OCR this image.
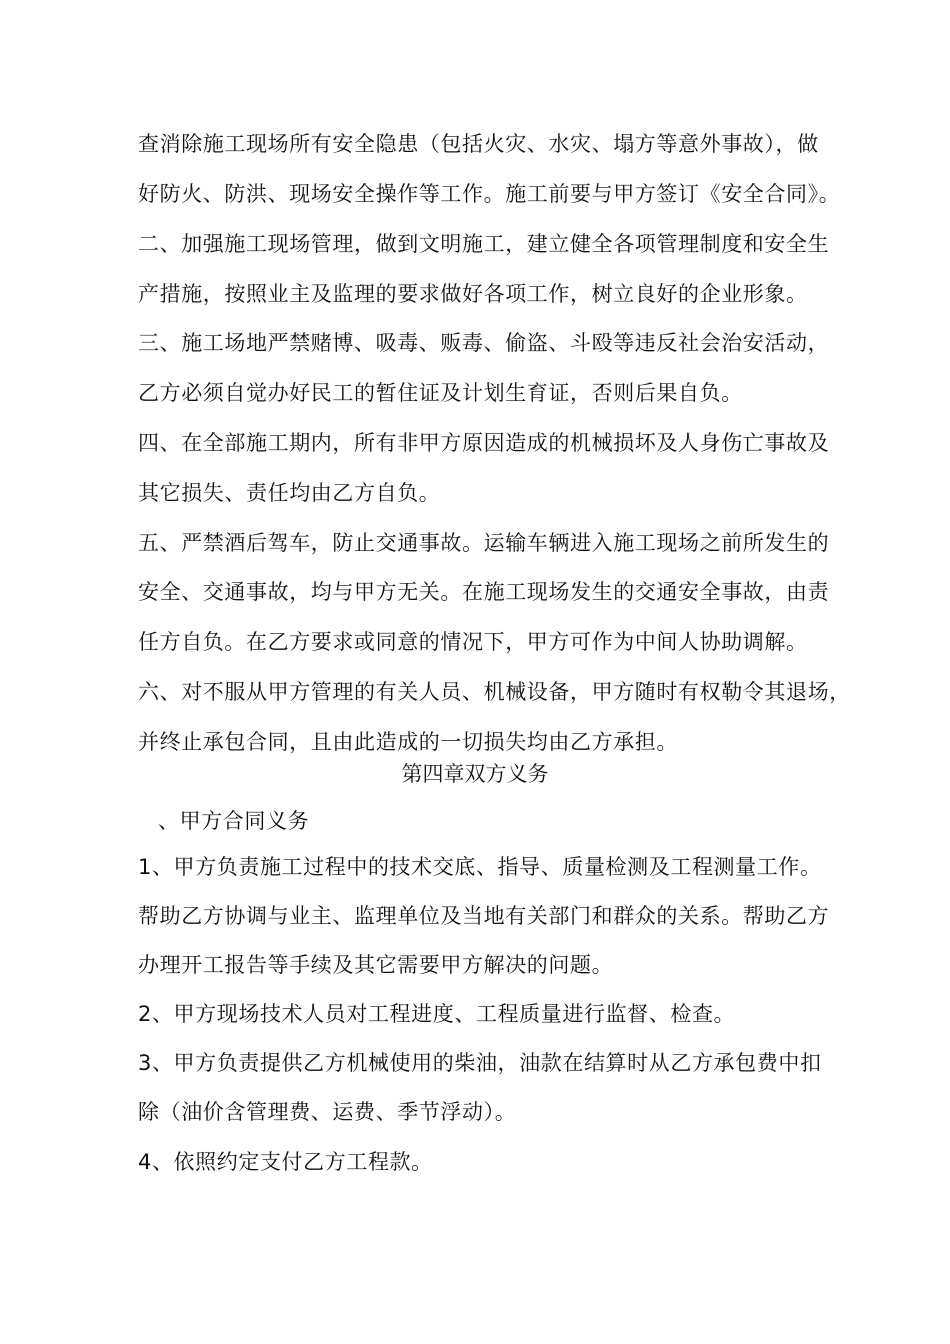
查消除施工现场所有安全隐患（包括火灾、水灾、塌方等意外事故），做
好防火、防洪、现场安全操作等工作。施工前要与甲方签订《安全合同》。
二、加强施工现场管理，做到文明施工，建立健全各项管理制度和安全生
产措施，按照业主及监理的要求做好各项工作，树立良好的企业形象。
三、施工场地严禁赌博、吸毒、贩毒、偷盗、斗殴等违反社会治安活动，
乙方必须自觉办好民工的暂住证及计划生育证，否则后果自负。
四、在全部施工期内，所有非甲方原因造成的机械损坏及人身伤亡事故及
其它损失、责任均由乙方自负。
五、严禁酒后驾车，防止交通事故。运输车辆进入施工现场之前所发生的
安全、交通事故，均与甲方无关。在施工现场发生的交通安全事故，由责
任方自负。在乙方要求或同意的情况下，甲方可作为中间人协助调解。
六、对不服从甲方管理的有关人员、机械设备，甲方随时有权勒令其退场，
并终止承包合同，且由此造成的一切损失均由乙方承担。
第四章双方义务
、甲方合同义务
1、甲方负责施工过程中的技术交底、指导、质量检测及工程测量工作。
帮助乙方协调与业主、监理单位及当地有关部门和群众的关系。帮助乙方
办理开工报告等手续及其它需要甲方解决的问题。
2、甲方现场技术人员对工程进度、工程质量进行监督、检查。
3、甲方负责提供乙方机械使用的柴油，油款在结算时从乙方承包费中扣
除（油价含管理费、运费、季节浮动）。
4、依照约定支付乙方工程款。
